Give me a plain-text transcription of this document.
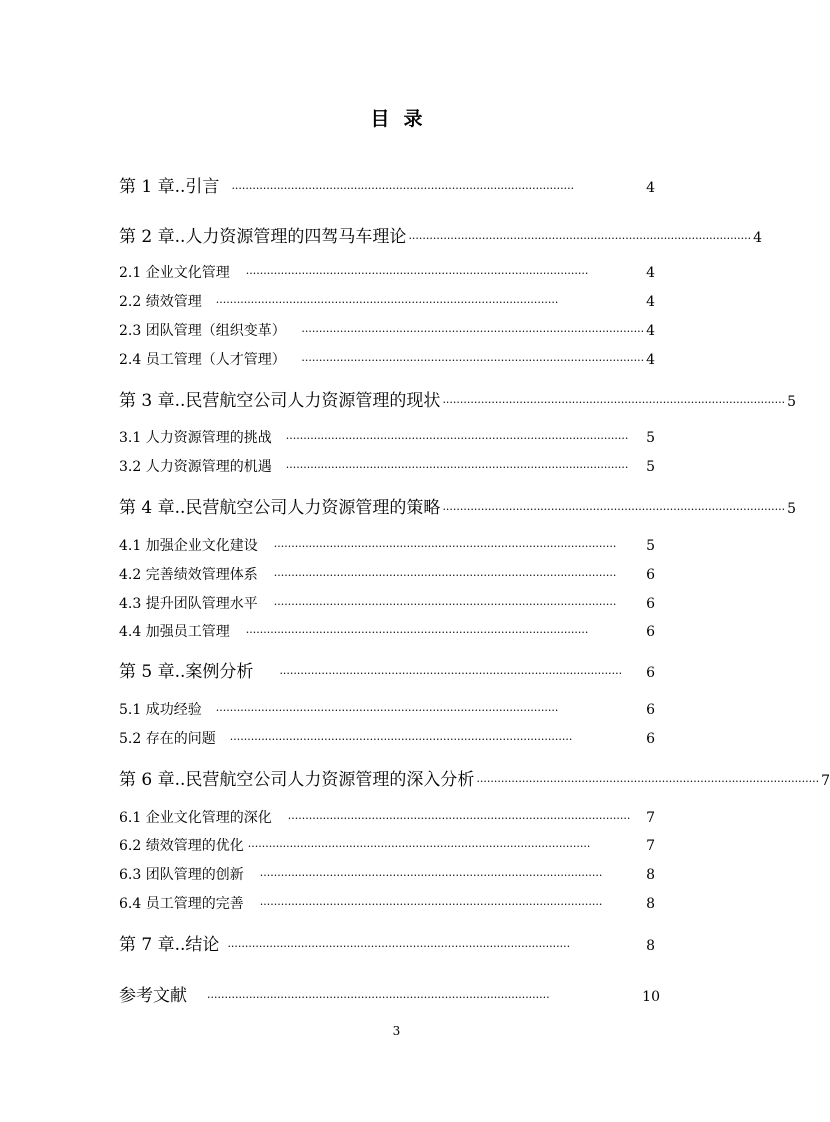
目录
第 1 章..引言 ··································································································	4
第 2 章..人力资源管理的四驾马车理论 ·································································································· 4
2.1 企业文化管理 ··································································································	4
2.2 绩效管理 ··································································································	4
2.3 团队管理（组织变革） ·································································································· 4
2.4 员工管理（人才管理） ·································································································· 4
第 3 章..民营航空公司人力资源管理的现状 ·································································································· 5
3.1 人力资源管理的挑战 ··································································································	5
3.2 人力资源管理的机遇 ··································································································	5
第 4 章..民营航空公司人力资源管理的策略 ·································································································· 5
4.1 加强企业文化建设 ··································································································	5
4.2 完善绩效管理体系 ··································································································	6
4.3 提升团队管理水平 ··································································································	6
4.4 加强员工管理 ··································································································	6
第 5 章..案例分析 ··································································································	6
5.1 成功经验 ··································································································	6
5.2 存在的问题 ··································································································	6
第 6 章..民营航空公司人力资源管理的深入分析 ·································································································· 7
6.1 企业文化管理的深化 ··································································································	7
6.2 绩效管理的优化 ··································································································	7
6.3 团队管理的创新 ··································································································	8
6.4 员工管理的完善 ··································································································	8
第 7 章..结论 ··································································································	8
参考文献 ··································································································	10
3
